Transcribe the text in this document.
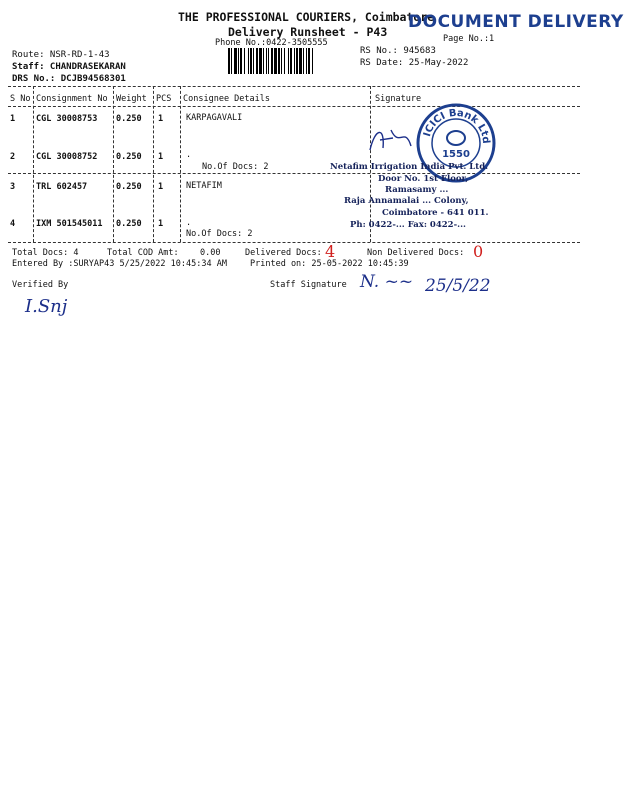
THE PROFESSIONAL COURIERS, Coimbatore
Delivery Runsheet - P43
Phone No.:0422-3505555
DOCUMENT DELIVERY
Page No.:1
Route: NSR-RD-1-43
Staff: CHANDRASEKARAN
DRS No.: DCJB94568301
RS No.: 945683
RS Date: 25-May-2022
S No Consignment No Weight PCS Consignee Details	Signature
1 CGL 30008753 0.250 1	KARPAGAVALI
2 CGL 30008752 0.250 1	.
No.Of Docs: 2
3 TRL 602457	0.250 1	NETAFIM
4 IXM 501545011 0.250 1	.
No.Of Docs: 2
ICICI Bank Ltd
1550
Netafim Irrigation India Pvt. Ltd.
Door No. 1st Floor,
Ramasamy ...
Raja Annamalai ... Colony,
Coimbatore - 641 011.
Ph: 0422-... Fax: 0422-...
Total Docs: 4	Total COD Amt:	0.00	Delivered Docs: 4	Non Delivered Docs: 0
Entered By :SURYAP43 5/25/2022 10:45:34 AM	Printed on: 25-05-2022 10:45:39
Verified By	Staff Signature
I.Snj
N. ~~ 25/5/22
